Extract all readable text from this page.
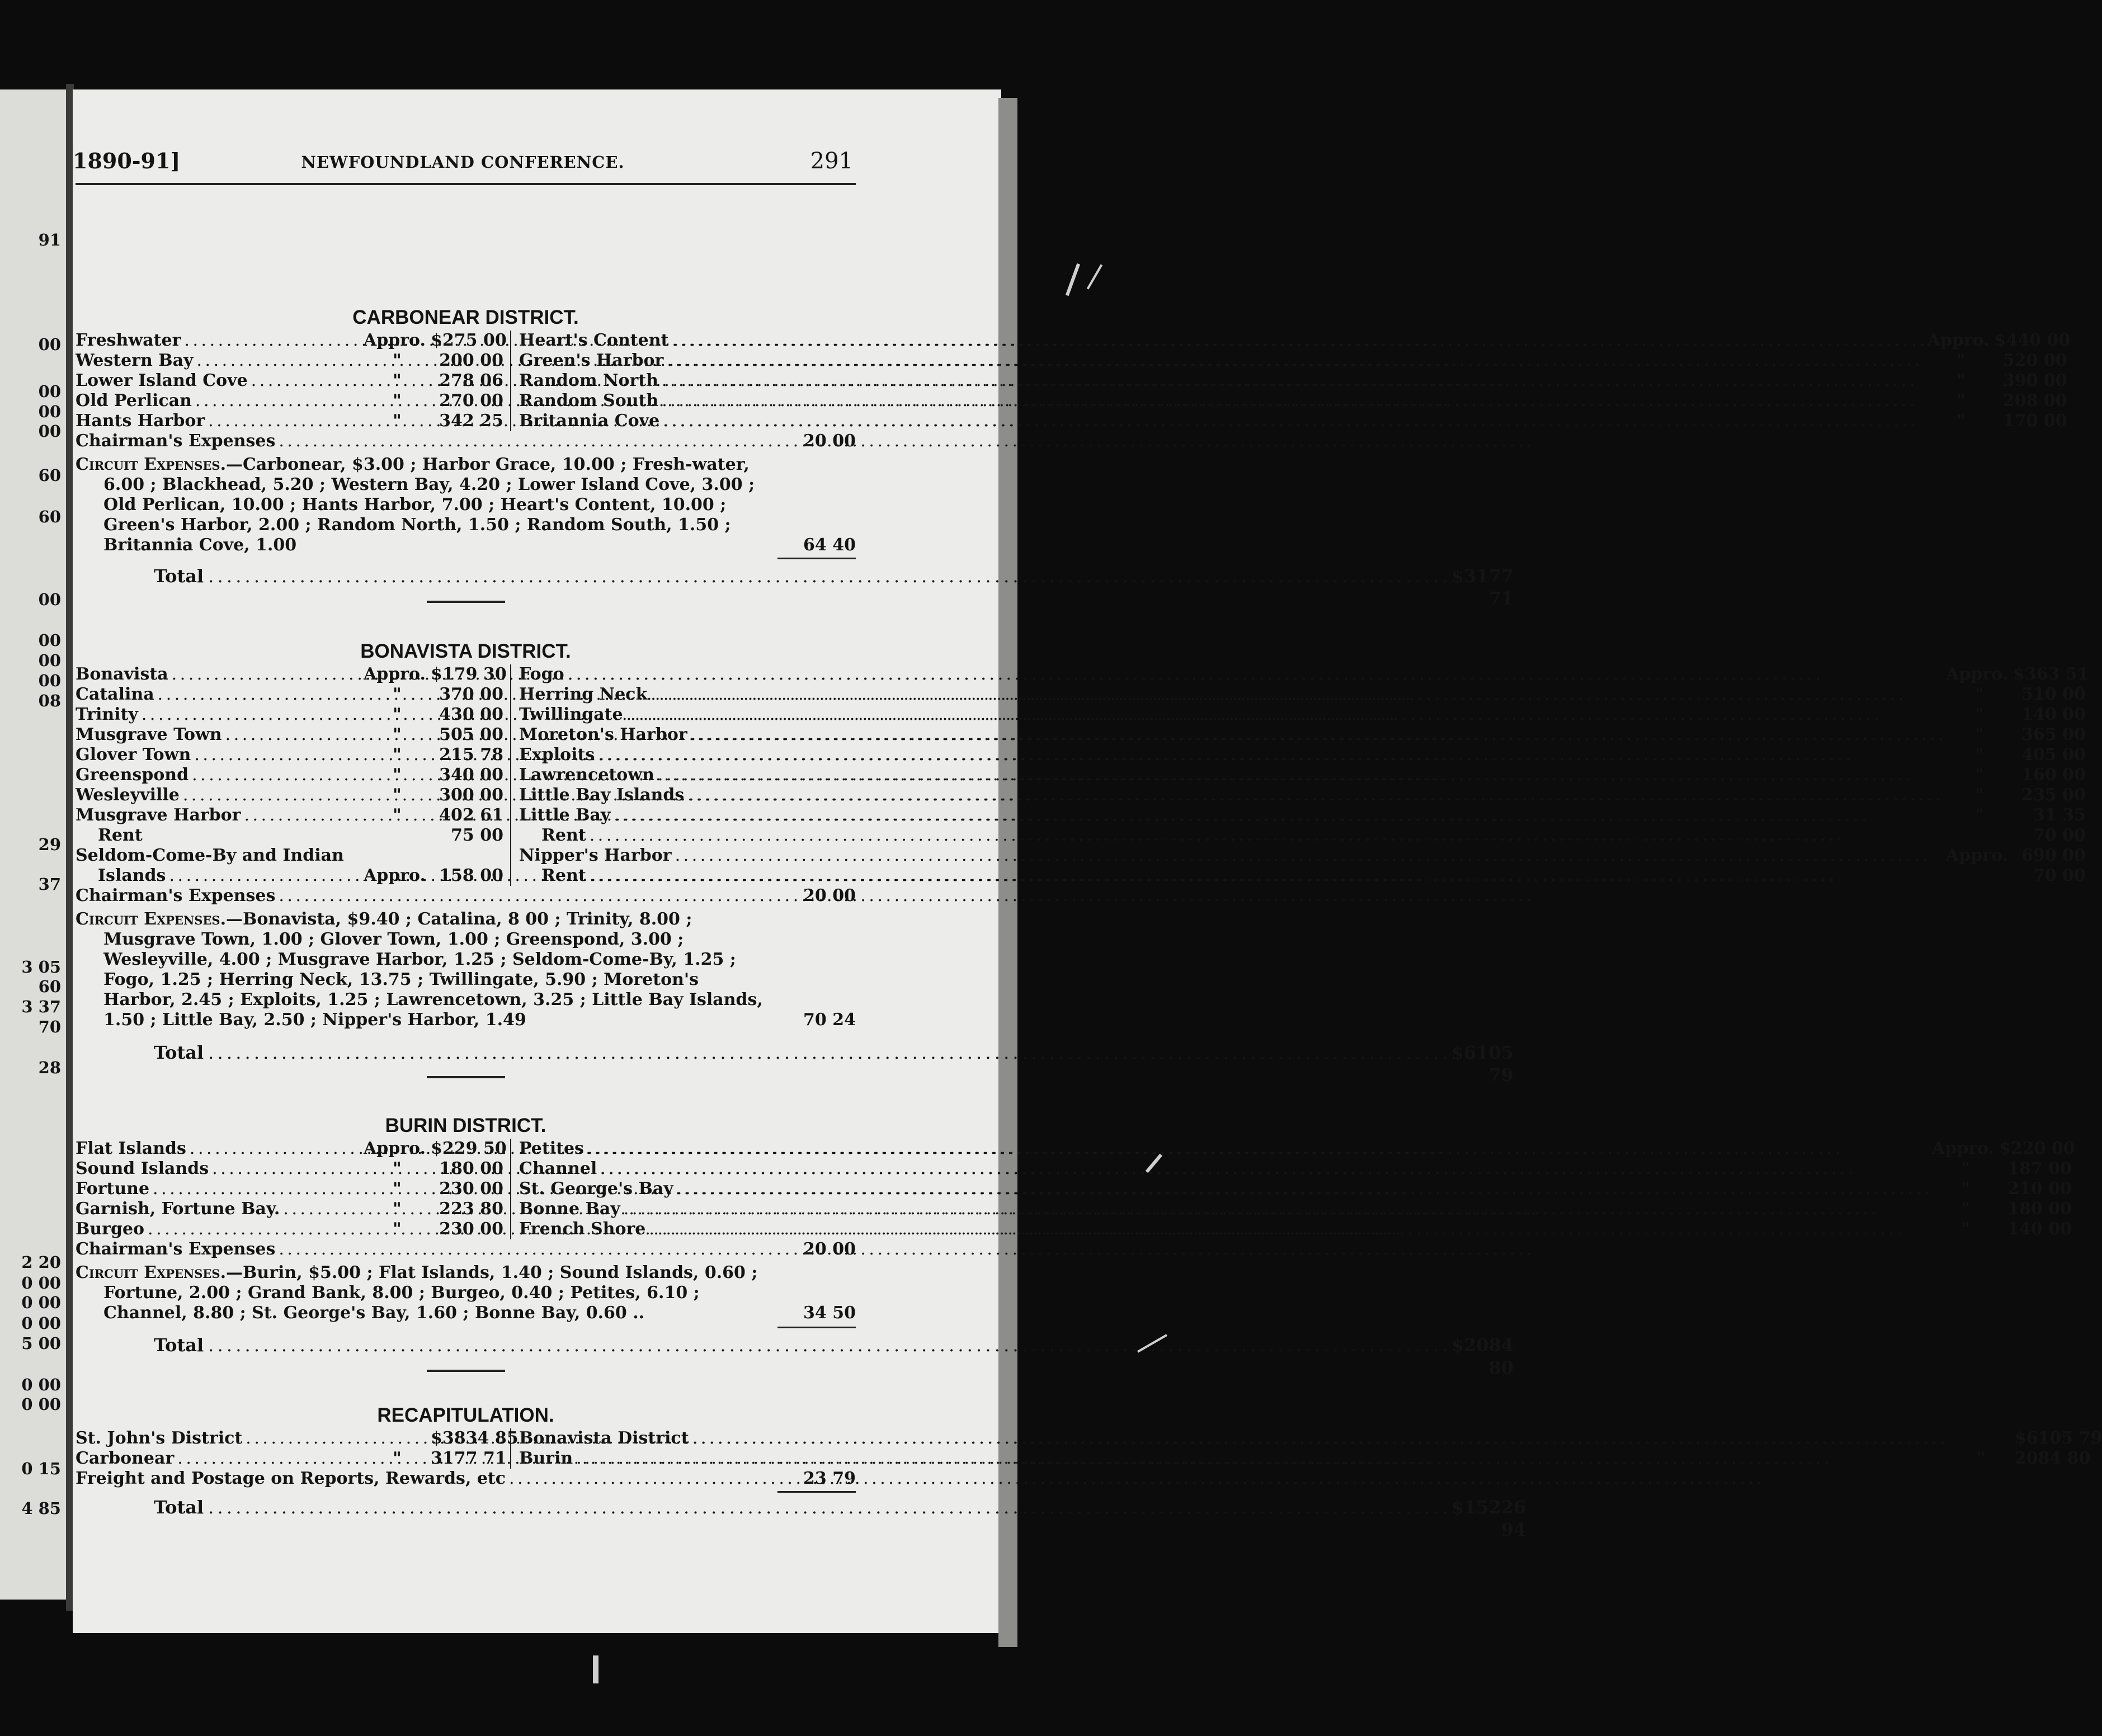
91
00
00
00
00
60
60
00
00
00
00
08
29
37
3 05
60
3 37
70
28
2 20
0 00
0 00
0 00
5 00
0 00
0 00
0 15
4 85
1890-91]	NEWFOUNDLAND CONFERENCE.	291
CARBONEAR DISTRICT.
Freshwater . . .	Appro. $275 00
Western Bay . . .	"	200 00
Lower Island Cove . . .	"	278 06
Old Perlican . . .	"	270 00
Hants Harbor . . .	"	342 25
Heart's Content . . .	Appro. $440 00
Green's Harbor . . .	"	520 00
Random North . . .	"	390 00
Random South . . .	"	208 00
Britannia Cove . . .	"	170 00
Chairman's Expenses . . .	20 00
Circuit Expenses.—Carbonear, $3.00 ; Harbor Grace, 10.00 ; Fresh-water, 6.00 ; Blackhead, 5.20 ; Western Bay, 4.20 ; Lower Island Cove, 3.00 ; Old Perlican, 10.00 ; Hants Harbor, 7.00 ; Heart's Content, 10.00 ; Green's Harbor, 2.00 ; Random North, 1.50 ; Random South, 1.50 ; Britannia Cove, 1.00	64 40
Total . . .	$3177 71
BONAVISTA DISTRICT.
Bonavista . . .	Appro. $179 30
Catalina . . .	"	370 00
Trinity . . .	"	430 00
Musgrave Town . . .	"	505 00
Glover Town . . .	"	215 78
Greenspond . . .	"	340 00
Wesleyville . . .	"	300 00
Musgrave Harbor . . .	"	402 61
Rent	75 00
Seldom-Come-By and Indian
Islands . . .	Appro. 158 00
Fogo . . .	Appro. $363 51
Herring Neck . . .	"	510 00
Twillingate . . .	"	140 00
Moreton's Harbor . . .	"	365 00
Exploits . . .	"	405 00
Lawrencetown . . .	"	160 00
Little Bay Islands . . .	"	235 00
Little Bay . . .	"	31 35
Rent . . .	70 00
Nipper's Harbor . . .	Appro. 690 00
Rent . . .	70 00
Chairman's Expenses . . .	20 00
Circuit Expenses.—Bonavista, $9.40 ; Catalina, 8 00 ; Trinity, 8.00 ; Musgrave Town, 1.00 ; Glover Town, 1.00 ; Greenspond, 3.00 ; Wesleyville, 4.00 ; Musgrave Harbor, 1.25 ; Seldom-Come-By, 1.25 ; Fogo, 1.25 ; Herring Neck, 13.75 ; Twillingate, 5.90 ; Moreton's Harbor, 2.45 ; Exploits, 1.25 ; Lawrencetown, 3.25 ; Little Bay Islands, 1.50 ; Little Bay, 2.50 ; Nipper's Harbor, 1.49	70 24
Total . . .	$6105 79
BURIN DISTRICT.
Flat Islands . . .	Appro. $229 50
Sound Islands . . .	"	180 00
Fortune . . .	"	230 00
Garnish, Fortune Bay. . . .	"	223 80
Burgeo . . .	"	230 00
Petites . . .	Appro. $220 00
Channel . . .	"	187 00
St. George's Bay . . .	"	210 00
Bonne Bay . . .	"	180 00
French Shore . . .	"	140 00
Chairman's Expenses . . .	20 00
Circuit Expenses.—Burin, $5.00 ; Flat Islands, 1.40 ; Sound Islands, 0.60 ; Fortune, 2.00 ; Grand Bank, 8.00 ; Burgeo, 0.40 ; Petites, 6.10 ; Channel, 8.80 ; St. George's Bay, 1.60 ; Bonne Bay, 0.60 ..	34 50
Total . . .	$2084 80
RECAPITULATION.
St. John's District . . .	$3834 85
Carbonear . . .	"	3177 71
Bonavista District . . .	$6105 79
Burin . . .	"	2084 80
Freight and Postage on Reports, Rewards, etc . . .	23 79
Total . . .	$15226 94
